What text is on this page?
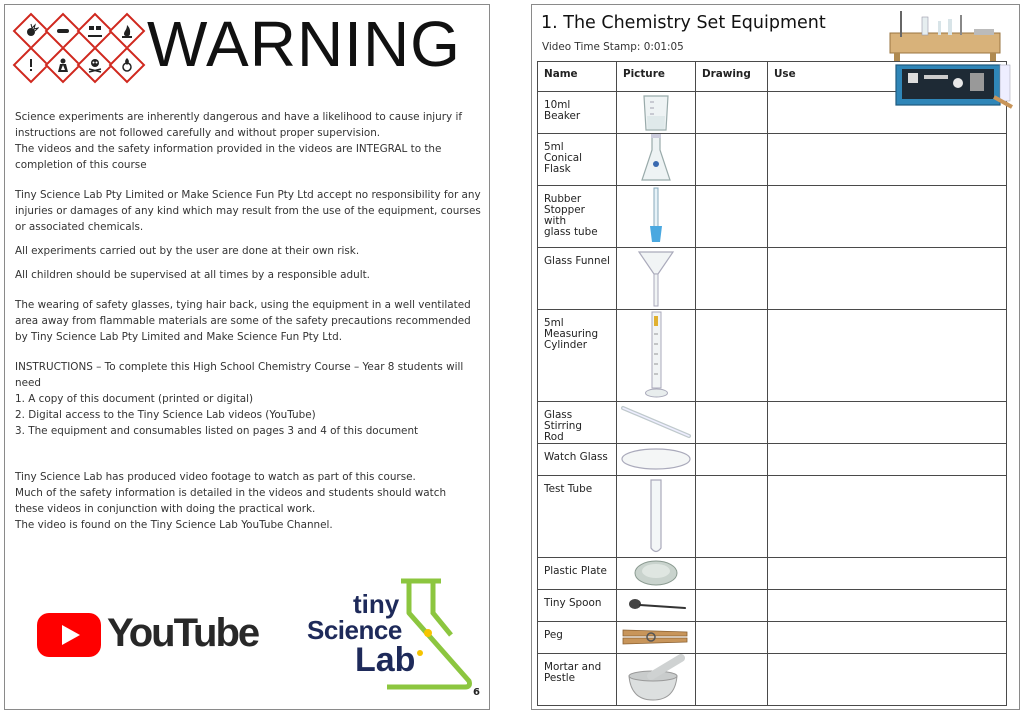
WARNING

Science experiments are inherently dangerous and have a likelihood to cause injury if instructions are not followed carefully and without proper supervision.

The videos and the safety information provided in the videos are INTEGRAL to the completion of this course

Tiny Science Lab Pty Limited or Make Science Fun Pty Ltd accept no responsibility for any injuries or damages of any kind which may result from the use of the equipment, courses or associated chemicals.

All experiments carried out by the user are done at their own risk.

All children should be supervised at all times by a responsible adult.

The wearing of safety glasses, tying hair back, using the equipment in a well ventilated area away from flammable materials are some of the safety precautions recommended by Tiny Science Lab Pty Limited and Make Science Fun Pty Ltd.

INSTRUCTIONS – To complete this High School Chemistry Course – Year 8 students will need

1. A copy of this document (printed or digital)

2. Digital access to the Tiny Science Lab videos (YouTube)

3. The equipment and consumables listed on pages 3 and 4 of this document

Tiny Science Lab has produced video footage to watch as part of this course.

Much of the safety information is detailed in the videos and students should watch

these videos in conjunction with doing the practical work.

The video is found on the Tiny Science Lab YouTube Channel.

YouTube
tiny
Science
Lab
6
1. The Chemistry Set Equipment
Video Time Stamp: 0:01:05
Name	Picture	Drawing	Use
10ml
Beaker	

5ml
Conical Flask	

Rubber
Stopper with
glass tube	

Glass Funnel	

5ml
Measuring
Cylinder	

Glass Stirring
Rod	

Watch Glass	

Test Tube	

Plastic Plate	

Tiny Spoon	

Peg	

Mortar and
Pestle	
